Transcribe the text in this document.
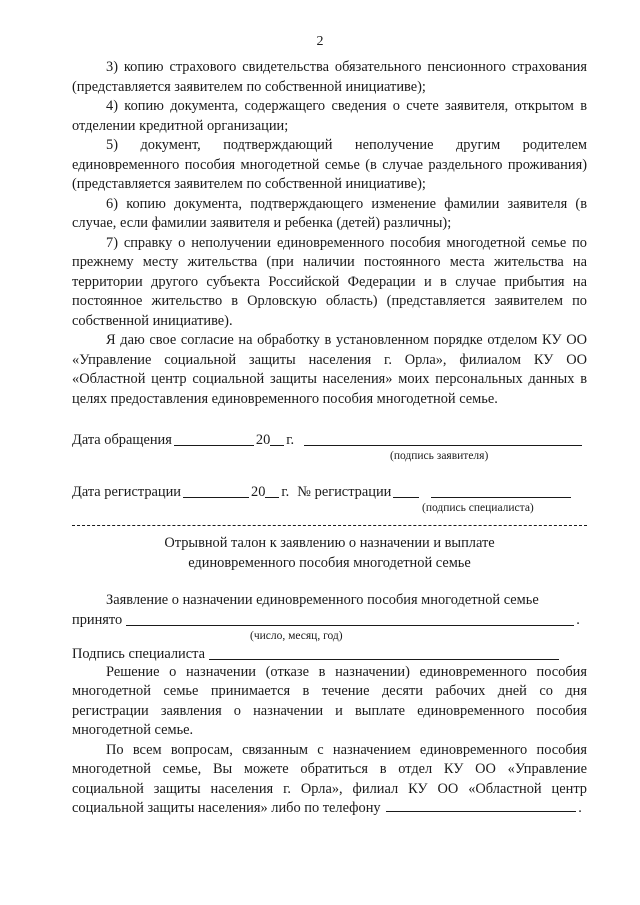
2

3) копию страхового свидетельства обязательного пенсионного страхования (представляется заявителем по собственной инициативе);

4) копию документа, содержащего сведения о счете заявителя, открытом в отделении кредитной организации;

5) документ, подтверждающий неполучение другим родителем единовременного пособия многодетной семье (в случае раздельного проживания) (представляется заявителем по собственной инициативе);

6) копию документа, подтверждающего изменение фамилии заявителя (в случае, если фамилии заявителя и ребенка (детей) различны);

7) справку о неполучении единовременного пособия многодетной семье по прежнему месту жительства (при наличии постоянного места жительства на территории другого субъекта Российской Федерации и в случае прибытия на постоянное жительство в Орловскую область) (представляется заявителем по собственной инициативе).

Я даю свое согласие на обработку в установленном порядке отделом КУ ОО «Управление социальной защиты населения г. Орла», филиалом КУ ОО «Областной центр социальной защиты населения» моих персональных данных в целях предоставления единовременного пособия многодетной семье.

Дата обращения	20 г.
(подпись заявителя)
Дата регистрации	20 г. № регистрации
(подпись специалиста)
Отрывной талон к заявлению о назначении и выплате
единовременного пособия многодетной семье

Заявление о назначении единовременного пособия многодетной семье

принято	.
(число, месяц, год)
Подпись специалиста

Решение о назначении (отказе в назначении) единовременного пособия многодетной семье принимается в течение десяти рабочих дней со дня регистрации заявления о назначении и выплате единовременного пособия многодетной семье.

По всем вопросам, связанным с назначением единовременного пособия многодетной семье, Вы можете обратиться в отдел КУ ОО «Управление социальной защиты населения г. Орла», филиал КУ ОО «Областной центр социальной защиты населения» либо по телефону	.
